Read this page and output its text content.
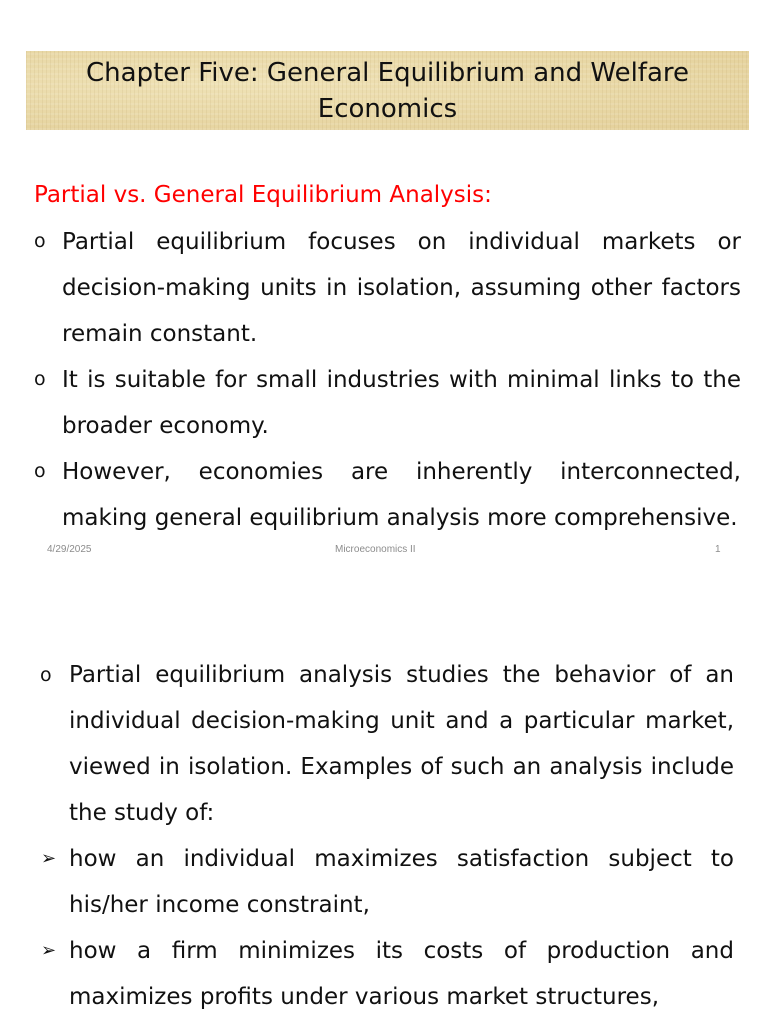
Chapter Five: General Equilibrium and Welfare Economics

Partial vs. General Equilibrium Analysis:

o Partial equilibrium focuses on individual markets or decision-making units in isolation, assuming other factors remain constant.
o It is suitable for small industries with minimal links to the broader economy.
o However, economies are inherently interconnected, making general equilibrium analysis more comprehensive.
4/29/2025	Microeconomics II	1
o Partial equilibrium analysis studies the behavior of an individual decision-making unit and a particular market, viewed in isolation. Examples of such an analysis include the study of:
➢ how an individual maximizes satisfaction subject to his/her income constraint,
➢ how a firm minimizes its costs of production and maximizes profits under various market structures,
